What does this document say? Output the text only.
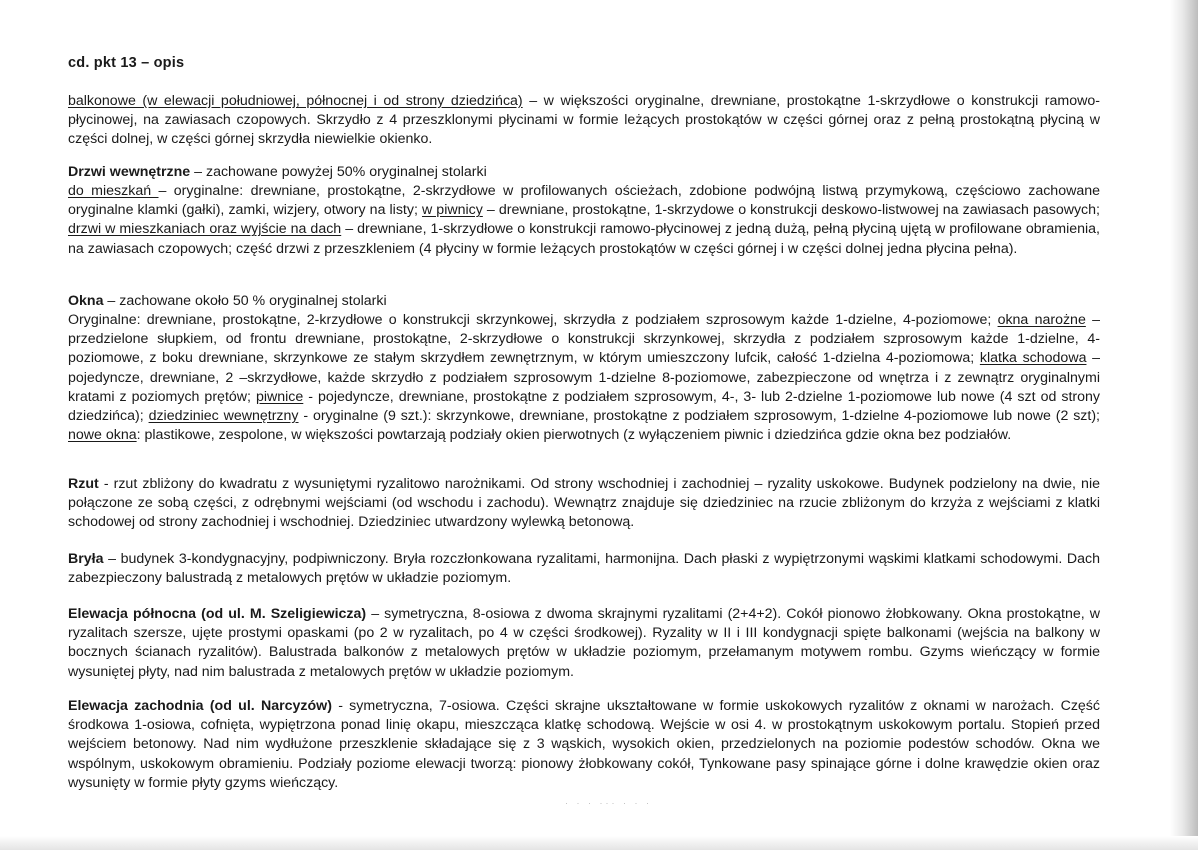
cd. pkt 13 – opis
balkonowe (w elewacji południowej, północnej i od strony dziedzińca) – w większości oryginalne, drewniane, prostokątne 1-skrzydłowe o konstrukcji ramowo-płycinowej, na zawiasach czopowych. Skrzydło z 4 przeszklonymi płycinami w formie leżących prostokątów w części górnej oraz z pełną prostokątną płyciną w części dolnej, w części górnej skrzydła niewielkie okienko.
Drzwi wewnętrzne – zachowane powyżej 50% oryginalnej stolarki
do mieszkań – oryginalne: drewniane, prostokątne, 2-skrzydłowe w profilowanych ościeżach, zdobione podwójną listwą przymykową, częściowo zachowane oryginalne klamki (gałki), zamki, wizjery, otwory na listy; w piwnicy – drewniane, prostokątne, 1-skrzydowe o konstrukcji deskowo-listwowej na zawiasach pasowych; drzwi w mieszkaniach oraz wyjście na dach – drewniane, 1-skrzydłowe o konstrukcji ramowo-płycinowej z jedną dużą, pełną płyciną ujętą w profilowane obramienia, na zawiasach czopowych; część drzwi z przeszkleniem (4 płyciny w formie leżących prostokątów w części górnej i w części dolnej jedna płycina pełna).
Okna – zachowane około 50 % oryginalnej stolarki
Oryginalne: drewniane, prostokątne, 2-krzydłowe o konstrukcji skrzynkowej, skrzydła z podziałem szprosowym każde 1-dzielne, 4-poziomowe; okna narożne – przedzielone słupkiem, od frontu drewniane, prostokątne, 2-skrzydłowe o konstrukcji skrzynkowej, skrzydła z podziałem szprosowym każde 1-dzielne, 4-poziomowe, z boku drewniane, skrzynkowe ze stałym skrzydłem zewnętrznym, w którym umieszczony lufcik, całość 1-dzielna 4-poziomowa; klatka schodowa – pojedyncze, drewniane, 2 –skrzydłowe, każde skrzydło z podziałem szprosowym 1-dzielne 8-poziomowe, zabezpieczone od wnętrza i z zewnątrz oryginalnymi kratami z poziomych prętów; piwnice - pojedyncze, drewniane, prostokątne z podziałem szprosowym, 4-, 3- lub 2-dzielne 1-poziomowe lub nowe (4 szt od strony dziedzińca); dziedziniec wewnętrzny - oryginalne (9 szt.): skrzynkowe, drewniane, prostokątne z podziałem szprosowym, 1-dzielne 4-poziomowe lub nowe (2 szt); nowe okna: plastikowe, zespolone, w większości powtarzają podziały okien pierwotnych (z wyłączeniem piwnic i dziedzińca gdzie okna bez podziałów.
Rzut - rzut zbliżony do kwadratu z wysuniętymi ryzalitowo narożnikami. Od strony wschodniej i zachodniej – ryzality uskokowe. Budynek podzielony na dwie, nie połączone ze sobą części, z odrębnymi wejściami (od wschodu i zachodu). Wewnątrz znajduje się dziedziniec na rzucie zbliżonym do krzyża z wejściami z klatki schodowej od strony zachodniej i wschodniej. Dziedziniec utwardzony wylewką betonową.
Bryła – budynek 3-kondygnacyjny, podpiwniczony. Bryła rozczłonkowana ryzalitami, harmonijna. Dach płaski z wypiętrzonymi wąskimi klatkami schodowymi. Dach zabezpieczony balustradą z metalowych prętów w układzie poziomym.
Elewacja północna (od ul. M. Szeligiewicza) – symetryczna, 8-osiowa z dwoma skrajnymi ryzalitami (2+4+2). Cokół pionowo żłobkowany. Okna prostokątne, w ryzalitach szersze, ujęte prostymi opaskami (po 2 w ryzalitach, po 4 w części środkowej). Ryzality w II i III kondygnacji spięte balkonami (wejścia na balkony w bocznych ścianach ryzalitów). Balustrada balkonów z metalowych prętów w układzie poziomym, przełamanym motywem rombu. Gzyms wieńczący w formie wysuniętej płyty, nad nim balustrada z metalowych prętów w układzie poziomym.
Elewacja zachodnia (od ul. Narcyzów) - symetryczna, 7-osiowa. Części skrajne ukształtowane w formie uskokowych ryzalitów z oknami w narożach. Część środkowa 1-osiowa, cofnięta, wypiętrzona ponad linię okapu, mieszcząca klatkę schodową. Wejście w osi 4. w prostokątnym uskokowym portalu. Stopień przed wejściem betonowy. Nad nim wydłużone przeszklenie składające się z 3 wąskich, wysokich okien, przedzielonych na poziomie podestów schodów. Okna we wspólnym, uskokowym obramieniu. Podziały poziome elewacji tworzą: pionowy żłobkowany cokół, Tynkowane pasy spinające górne i dolne krawędzie okien oraz wysunięty w formie płyty gzyms wieńczący.
· · · ··· · · ·
